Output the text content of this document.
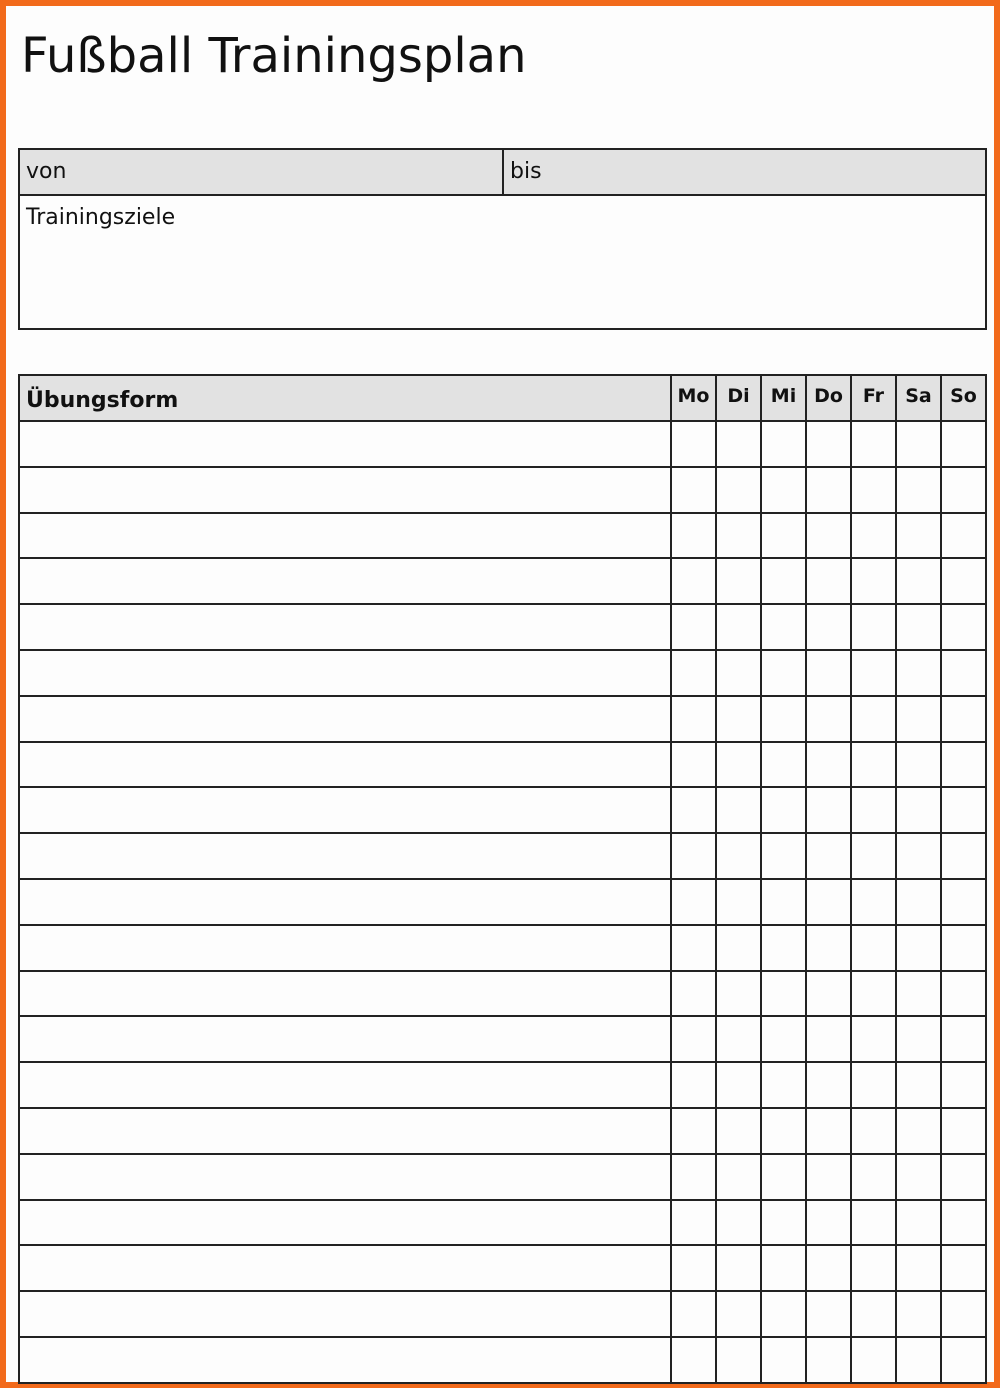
Fußball Trainingsplan
von	bis
Trainingsziele
Übungsform	Mo	Di	Mi	Do	Fr	Sa	So
